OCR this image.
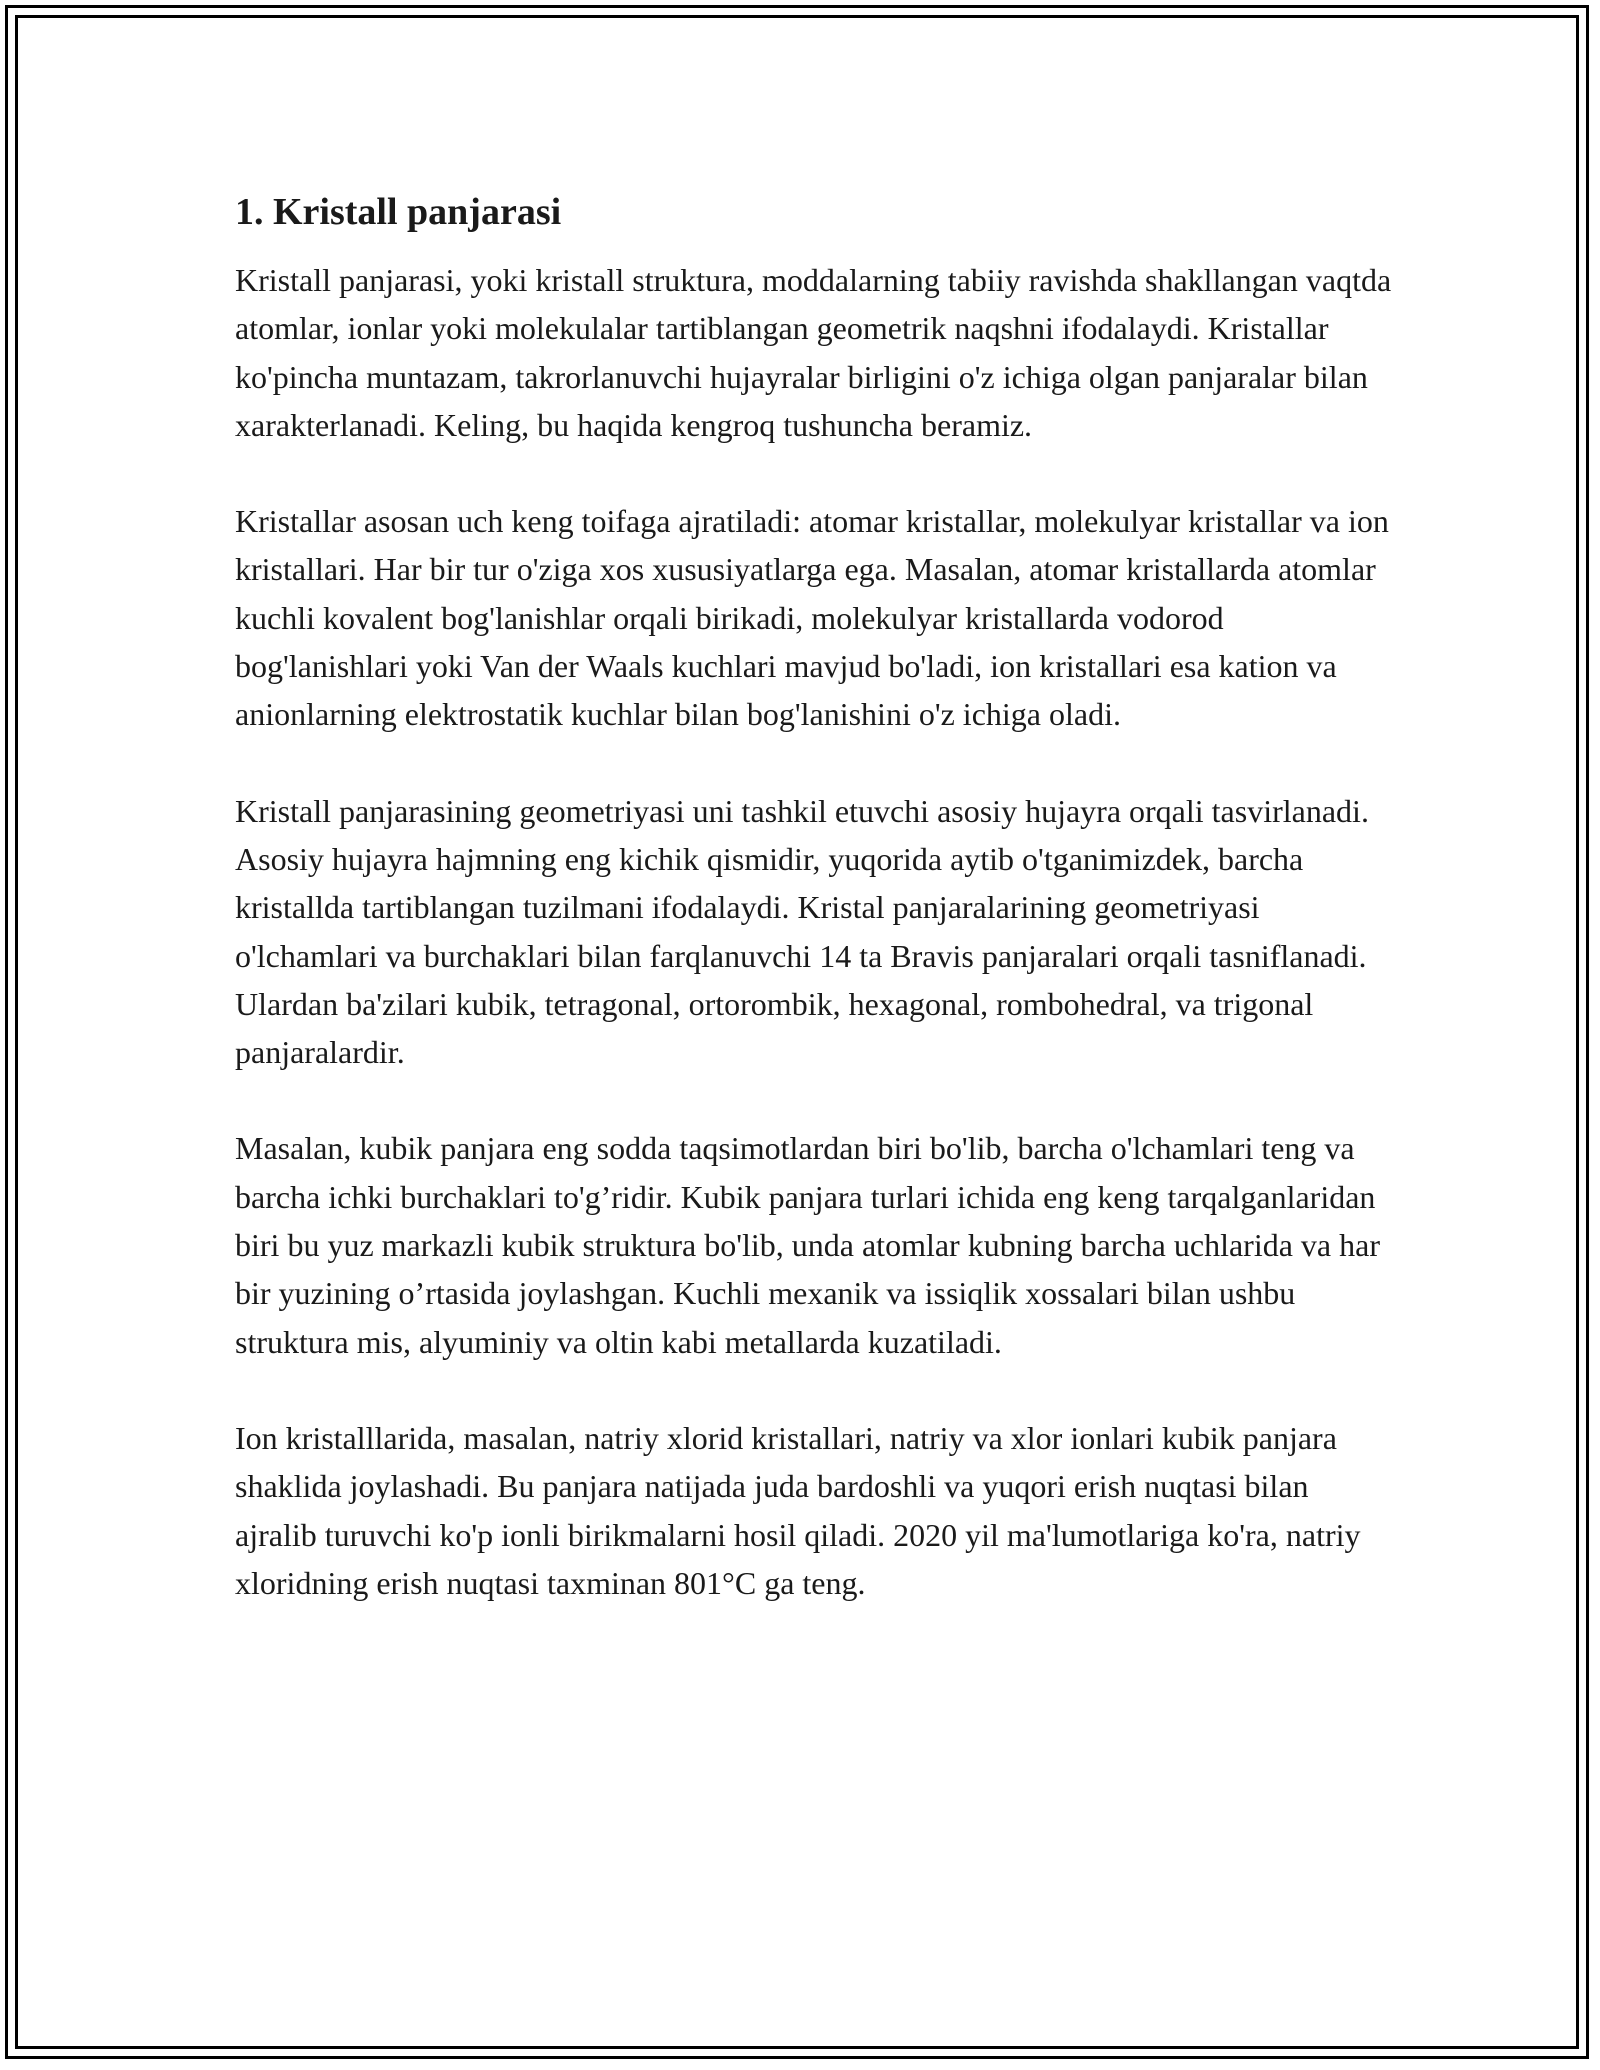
1. Kristall panjarasi

Kristall panjarasi, yoki kristall struktura, moddalarning tabiiy ravishda shakllangan vaqtda atomlar, ionlar yoki molekulalar tartiblangan geometrik naqshni ifodalaydi. Kristallar ko'pincha muntazam, takrorlanuvchi hujayralar birligini o'z ichiga olgan panjaralar bilan xarakterlanadi. Keling, bu haqida kengroq tushuncha beramiz.

Kristallar asosan uch keng toifaga ajratiladi: atomar kristallar, molekulyar kristallar va ion kristallari. Har bir tur o'ziga xos xususiyatlarga ega. Masalan, atomar kristallarda atomlar kuchli kovalent bog'lanishlar orqali birikadi, molekulyar kristallarda vodorod bog'lanishlari yoki Van der Waals kuchlari mavjud bo'ladi, ion kristallari esa kation va anionlarning elektrostatik kuchlar bilan bog'lanishini o'z ichiga oladi.

Kristall panjarasining geometriyasi uni tashkil etuvchi asosiy hujayra orqali tasvirlanadi. Asosiy hujayra hajmning eng kichik qismidir, yuqorida aytib o'tganimizdek, barcha kristallda tartiblangan tuzilmani ifodalaydi. Kristal panjaralarining geometriyasi o'lchamlari va burchaklari bilan farqlanuvchi 14 ta Bravis panjaralari orqali tasniflanadi. Ulardan ba'zilari kubik, tetragonal, ortorombik, hexagonal, rombohedral, va trigonal panjaralardir.

Masalan, kubik panjara eng sodda taqsimotlardan biri bo'lib, barcha o'lchamlari teng va barcha ichki burchaklari to'g’ridir. Kubik panjara turlari ichida eng keng tarqalganlaridan biri bu yuz markazli kubik struktura bo'lib, unda atomlar kubning barcha uchlarida va har bir yuzining o’rtasida joylashgan. Kuchli mexanik va issiqlik xossalari bilan ushbu struktura mis, alyuminiy va oltin kabi metallarda kuzatiladi.

Ion kristalllarida, masalan, natriy xlorid kristallari, natriy va xlor ionlari kubik panjara shaklida joylashadi. Bu panjara natijada juda bardoshli va yuqori erish nuqtasi bilan ajralib turuvchi ko'p ionli birikmalarni hosil qiladi. 2020 yil ma'lumotlariga ko'ra, natriy xloridning erish nuqtasi taxminan 801°C ga teng.
